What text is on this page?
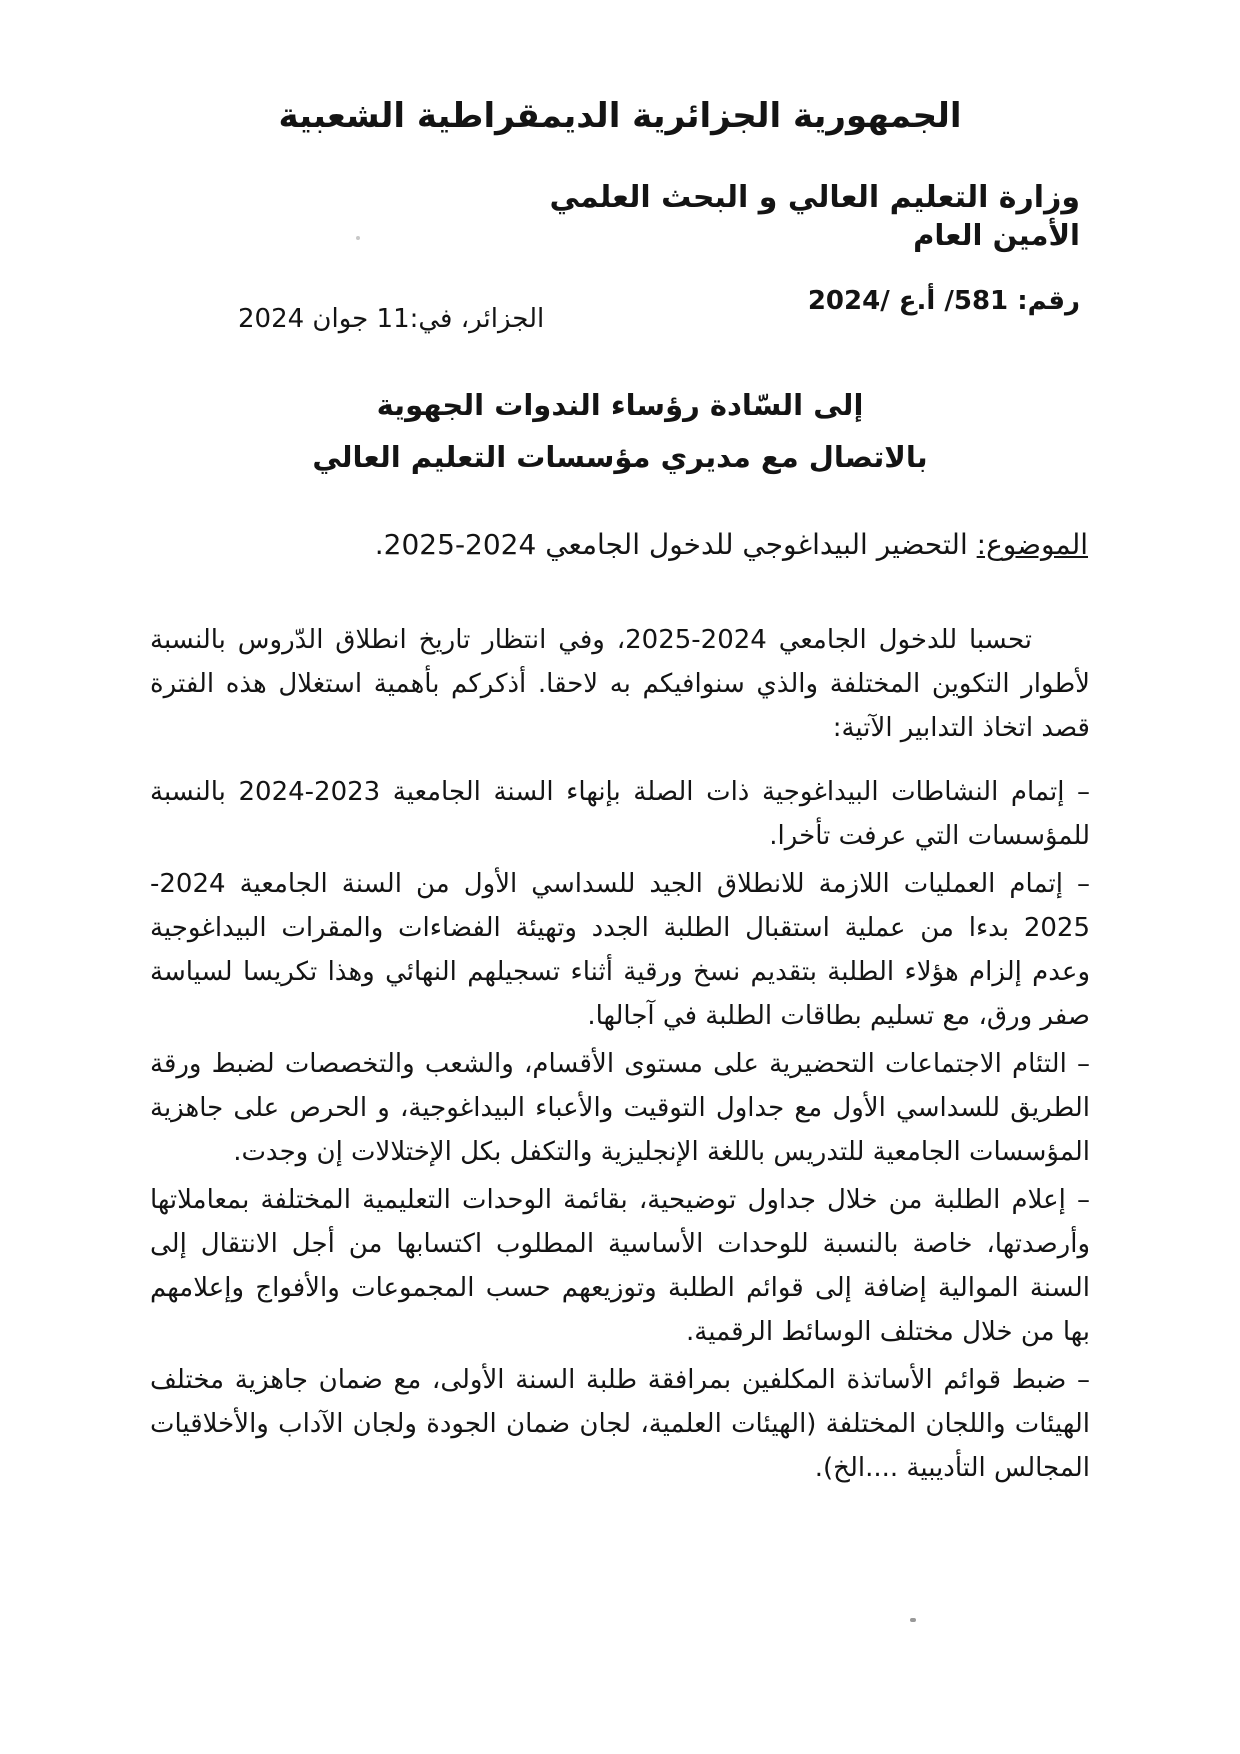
الجمهورية الجزائرية الديمقراطية الشعبية
وزارة التعليم العالي و البحث العلمي
الأمين العام
رقم: 581/ أ.ع /2024
الجزائر، في:11 جوان 2024
إلى السّادة رؤساء الندوات الجهوية
بالاتصال مع مديري مؤسسات التعليم العالي
الموضوع: التحضير البيداغوجي للدخول الجامعي 2024-2025.

تحسبا للدخول الجامعي 2024-2025، وفي انتظار تاريخ انطلاق الدّروس بالنسبة لأطوار التكوين المختلفة والذي سنوافيكم به لاحقا. أذكركم بأهمية استغلال هذه الفترة قصد اتخاذ التدابير الآتية:

– إتمام النشاطات البيداغوجية ذات الصلة بإنهاء السنة الجامعية 2023-2024 بالنسبة للمؤسسات التي عرفت تأخرا.

– إتمام العمليات اللازمة للانطلاق الجيد للسداسي الأول من السنة الجامعية 2024-2025 بدءا من عملية استقبال الطلبة الجدد وتهيئة الفضاءات والمقرات البيداغوجية وعدم إلزام هؤلاء الطلبة بتقديم نسخ ورقية أثناء تسجيلهم النهائي وهذا تكريسا لسياسة صفر ورق، مع تسليم بطاقات الطلبة في آجالها.

– التئام الاجتماعات التحضيرية على مستوى الأقسام، والشعب والتخصصات لضبط ورقة الطريق للسداسي الأول مع جداول التوقيت والأعباء البيداغوجية، و الحرص على جاهزية المؤسسات الجامعية للتدريس باللغة الإنجليزية والتكفل بكل الإختلالات إن وجدت.

– إعلام الطلبة من خلال جداول توضيحية، بقائمة الوحدات التعليمية المختلفة بمعاملاتها وأرصدتها، خاصة بالنسبة للوحدات الأساسية المطلوب اكتسابها من أجل الانتقال إلى السنة الموالية إضافة إلى قوائم الطلبة وتوزيعهم حسب المجموعات والأفواج وإعلامهم بها من خلال مختلف الوسائط الرقمية.

– ضبط قوائم الأساتذة المكلفين بمرافقة طلبة السنة الأولى، مع ضمان جاهزية مختلف الهيئات واللجان المختلفة (الهيئات العلمية، لجان ضمان الجودة ولجان الآداب والأخلاقيات المجالس التأديبية ....الخ).
